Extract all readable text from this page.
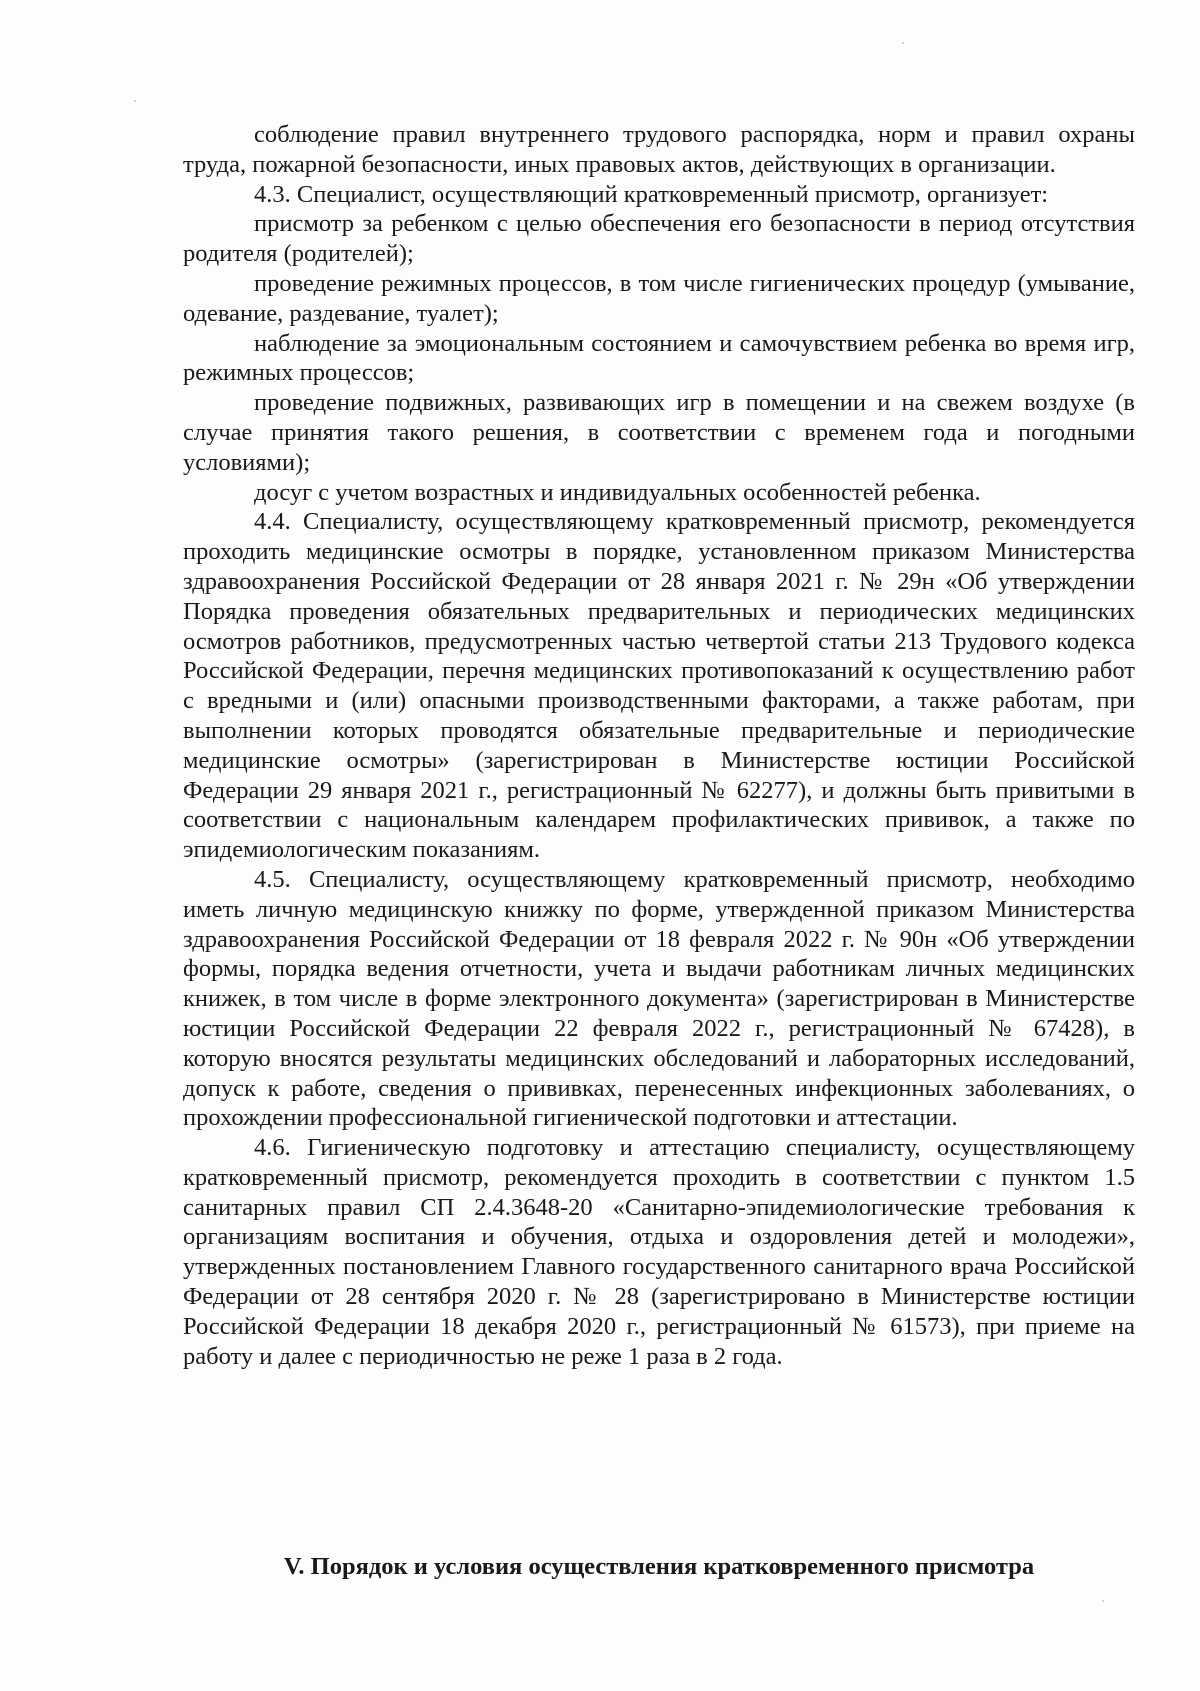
соблюдение правил внутреннего трудового распорядка, норм и правил охраны труда, пожарной безопасности, иных правовых актов, действующих в организации.

4.3. Специалист, осуществляющий кратковременный присмотр, организует:

присмотр за ребенком с целью обеспечения его безопасности в период отсутствия родителя (родителей);

проведение режимных процессов, в том числе гигиенических процедур (умывание, одевание, раздевание, туалет);

наблюдение за эмоциональным состоянием и самочувствием ребенка во время игр, режимных процессов;

проведение подвижных, развивающих игр в помещении и на свежем воздухе (в случае принятия такого решения, в соответствии с временем года и погодными условиями);

досуг с учетом возрастных и индивидуальных особенностей ребенка.

4.4. Специалисту, осуществляющему кратковременный присмотр, рекомендуется проходить медицинские осмотры в порядке, установленном приказом Министерства здравоохранения Российской Федерации от 28 января 2021 г. № 29н «Об утверждении Порядка проведения обязательных предварительных и периодических медицинских осмотров работников, предусмотренных частью четвертой статьи 213 Трудового кодекса Российской Федерации, перечня медицинских противопоказаний к осуществлению работ с вредными и (или) опасными производственными факторами, а также работам, при выполнении которых проводятся обязательные предварительные и периодические медицинские осмотры» (зарегистрирован в Министерстве юстиции Российской Федерации 29 января 2021 г., регистрационный № 62277), и должны быть привитыми в соответствии с национальным календарем профилактических прививок, а также по эпидемиологическим показаниям.

4.5. Специалисту, осуществляющему кратковременный присмотр, необходимо иметь личную медицинскую книжку по форме, утвержденной приказом Министерства здравоохранения Российской Федерации от 18 февраля 2022 г. № 90н «Об утверждении формы, порядка ведения отчетности, учета и выдачи работникам личных медицинских книжек, в том числе в форме электронного документа» (зарегистрирован в Министерстве юстиции Российской Федерации 22 февраля 2022 г., регистрационный № 67428), в которую вносятся результаты медицинских обследований и лабораторных исследований, допуск к работе, сведения о прививках, перенесенных инфекционных заболеваниях, о прохождении профессиональной гигиенической подготовки и аттестации.

4.6. Гигиеническую подготовку и аттестацию специалисту, осуществляющему кратковременный присмотр, рекомендуется проходить в соответствии с пунктом 1.5 санитарных правил СП 2.4.3648-20 «Санитарно-эпидемиологические требования к организациям воспитания и обучения, отдыха и оздоровления детей и молодежи», утвержденных постановлением Главного государственного санитарного врача Российской Федерации от 28 сентября 2020 г. № 28 (зарегистрировано в Министерстве юстиции Российской Федерации 18 декабря 2020 г., регистрационный № 61573), при приеме на работу и далее с периодичностью не реже 1 раза в 2 года.

V. Порядок и условия осуществления кратковременного присмотра
